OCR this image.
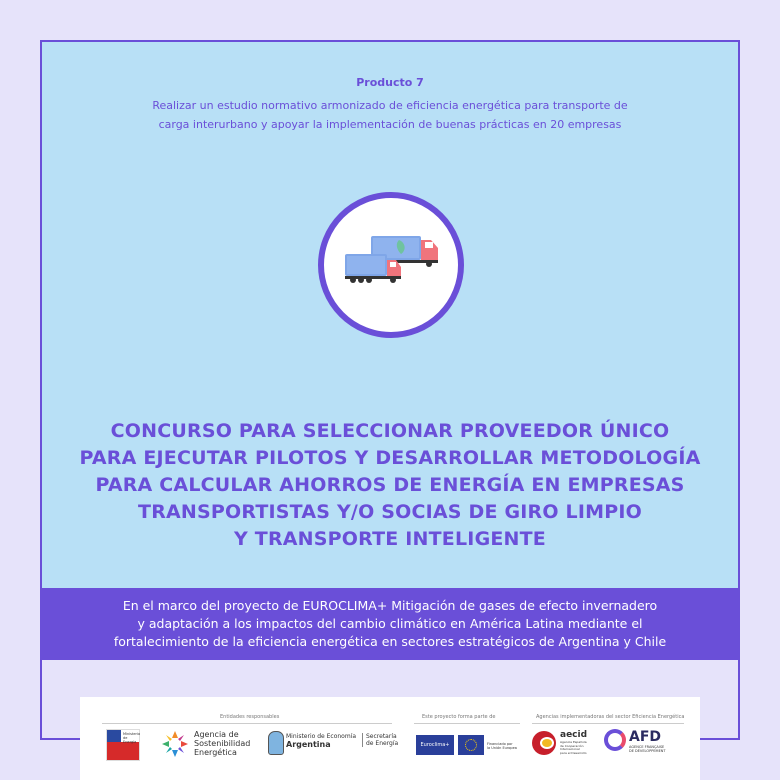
Producto 7
Realizar un estudio normativo armonizado de eficiencia energética para transporte de
carga interurbano y apoyar la implementación de buenas prácticas en 20 empresas
CONCURSO PARA SELECCIONAR PROVEEDOR ÚNICO
PARA EJECUTAR PILOTOS Y DESARROLLAR METODOLOGÍA
PARA CALCULAR AHORROS DE ENERGÍA EN EMPRESAS
TRANSPORTISTAS Y/O SOCIAS DE GIRO LIMPIO
Y TRANSPORTE INTELIGENTE
En el marco del proyecto de EUROCLIMA+ Mitigación de gases de efecto invernadero
y adaptación a los impactos del cambio climático en América Latina mediante el
fortalecimiento de la eficiencia energética en sectores estratégicos de Argentina y Chile
Entidades responsables
Ministerio de Energía
Agencia de
Sostenibilidad
Energética
Ministerio de Economía
Argentina
Secretaría
de Energía
Este proyecto forma parte de
Euroclima+	Financiado por
la Unión Europea
Agencias implementadoras del sector Eficiencia Energética
aecid
Agencia Española
de Cooperación
Internacional
para el Desarrollo
AFD
AGENCE FRANÇAISE
DE DÉVELOPPEMENT
